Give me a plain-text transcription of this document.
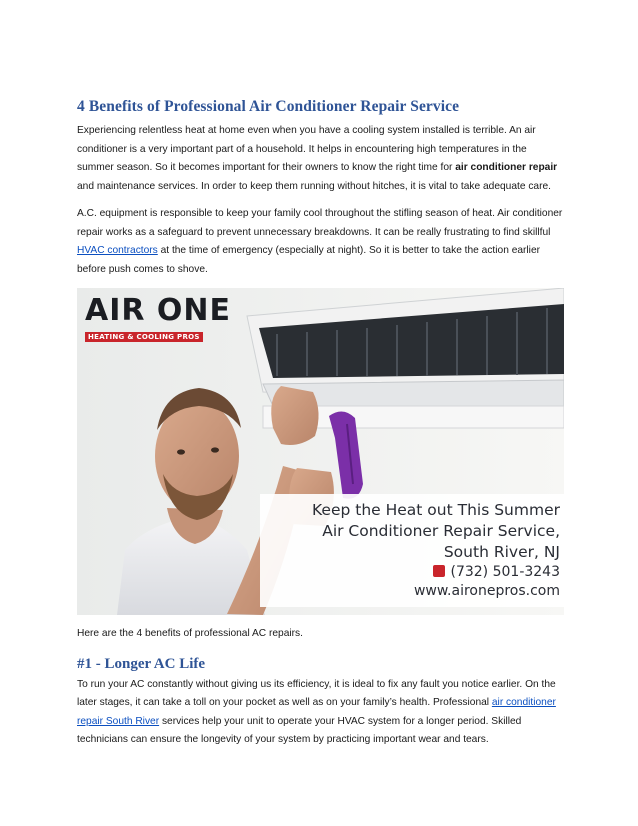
4 Benefits of Professional Air Conditioner Repair Service

Experiencing relentless heat at home even when you have a cooling system installed is terrible. An air conditioner is a very important part of a household. It helps in encountering high temperatures in the summer season. So it becomes important for their owners to know the right time for air conditioner repair and maintenance services. In order to keep them running without hitches, it is vital to take adequate care.

A.C. equipment is responsible to keep your family cool throughout the stifling season of heat. Air conditioner repair works as a safeguard to prevent unnecessary breakdowns. It can be really frustrating to find skillful HVAC contractors at the time of emergency (especially at night). So it is better to take the action earlier before push comes to shove.

AIR ONE
HEATING & COOLING PROS
Keep the Heat out This Summer
Air Conditioner Repair Service,
South River, NJ
(732) 501-3243
www.aironepros.com

Here are the 4 benefits of professional AC repairs.

#1 - Longer AC Life

To run your AC constantly without giving us its efficiency, it is ideal to fix any fault you notice earlier. On the later stages, it can take a toll on your pocket as well as on your family’s health. Professional air conditioner repair South River services help your unit to operate your HVAC system for a longer period. Skilled technicians can ensure the longevity of your system by practicing important wear and tears.
